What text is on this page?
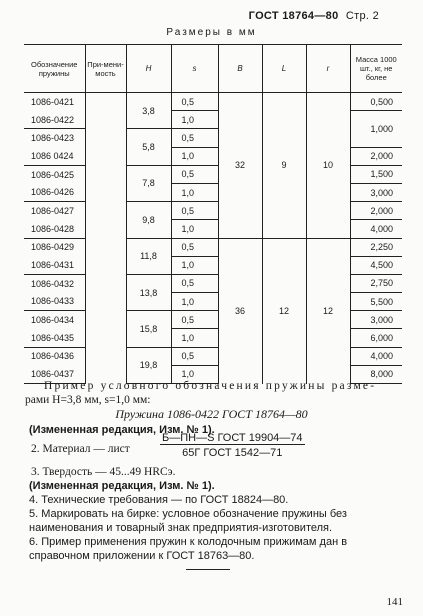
ГОСТ 18764—80 Стр. 2
Размеры в мм
Обозначение пружины	При-мени-мость	H	s	B	L	r	Масса 1000 шт., кг, не более
1086-0421		3,8	0,5	32	9	10	0,500
1086-0422			1,0				1,000
1086-0423		5,8	0,5				
1086 0424			1,0				2,000
1086-0425		7,8	0,5				1,500
1086-0426			1,0				3,000
1086-0427		9,8	0,5				2,000
1086-0428			1,0				4,000
1086-0429		11,8	0,5	36	12	12	2,250
1086-0431			1,0				4,500
1086-0432		13,8	0,5				2,750
1086-0433			1,0				5,500
1086-0434		15,8	0,5				3,000
1086-0435			1,0				6,000
1086-0436		19,8	0,5				4,000
1086-0437			1,0				8,000
Пример условного обозначения пружины разме-
рами H=3,8 мм, s=1,0 мм:
Пружина 1086-0422 ГОСТ 18764—80
(Измененная редакция, Изм. № 1).
2. Материал — лист
Б—ПН—S ГОСТ 19904—74
65Г ГОСТ 1542—71
3. Твердость — 45...49 HRCэ.
(Измененная редакция, Изм. № 1).
4. Технические требования — по ГОСТ 18824—80.
5. Маркировать на бирке: условное обозначение пружины без наименования и товарный знак предприятия-изготовителя.
6. Пример применения пружин к колодочным прижимам дан в справочном приложении к ГОСТ 18763—80.
141
